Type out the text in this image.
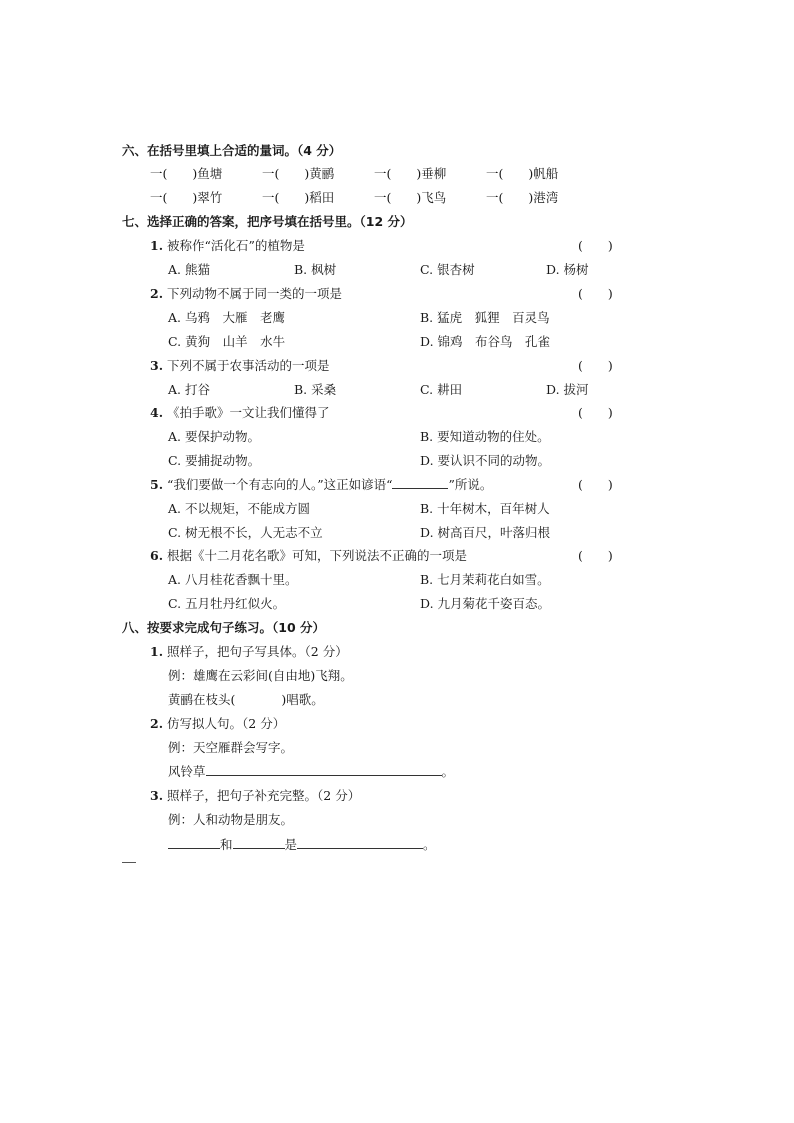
六、在括号里填上合适的量词。（4 分）
一(　　)鱼塘	一(　　)黄鹂	一(　　)垂柳	一(　　)帆船
一(　　)翠竹	一(　　)稻田	一(　　)飞鸟	一(　　)港湾
七、选择正确的答案，把序号填在括号里。（12 分）
1. 被称作“活化石”的植物是	(　　)
A. 熊猫	B. 枫树	C. 银杏树	D. 杨树
2. 下列动物不属于同一类的一项是	(　　)
A. 乌鸦　大雁　老鹰	B. 猛虎　狐狸　百灵鸟
C. 黄狗　山羊　水牛	D. 锦鸡　布谷鸟　孔雀
3. 下列不属于农事活动的一项是	(　　)
A. 打谷	B. 采桑	C. 耕田	D. 拔河
4. 《拍手歌》一文让我们懂得了	(　　)
A. 要保护动物。	B. 要知道动物的住处。
C. 要捕捉动物。	D. 要认识不同的动物。
5. “我们要做一个有志向的人。”这正如谚语“	”所说。	(　　)
A. 不以规矩，不能成方圆	B. 十年树木，百年树人
C. 树无根不长，人无志不立	D. 树高百尺，叶落归根
6. 根据《十二月花名歌》可知，下列说法不正确的一项是	(　　)
A. 八月桂花香飘十里。	B. 七月茉莉花白如雪。
C. 五月牡丹红似火。	D. 九月菊花千姿百态。
八、按要求完成句子练习。（10 分）
1. 照样子，把句子写具体。（2 分）
例：雄鹰在云彩间(自由地)飞翔。
黄鹂在枝头(	)唱歌。
2. 仿写拟人句。（2 分）
例：天空雁群会写字。
风铃草	。
3. 照样子，把句子补充完整。（2 分）
例：人和动物是朋友。
和	是	。
